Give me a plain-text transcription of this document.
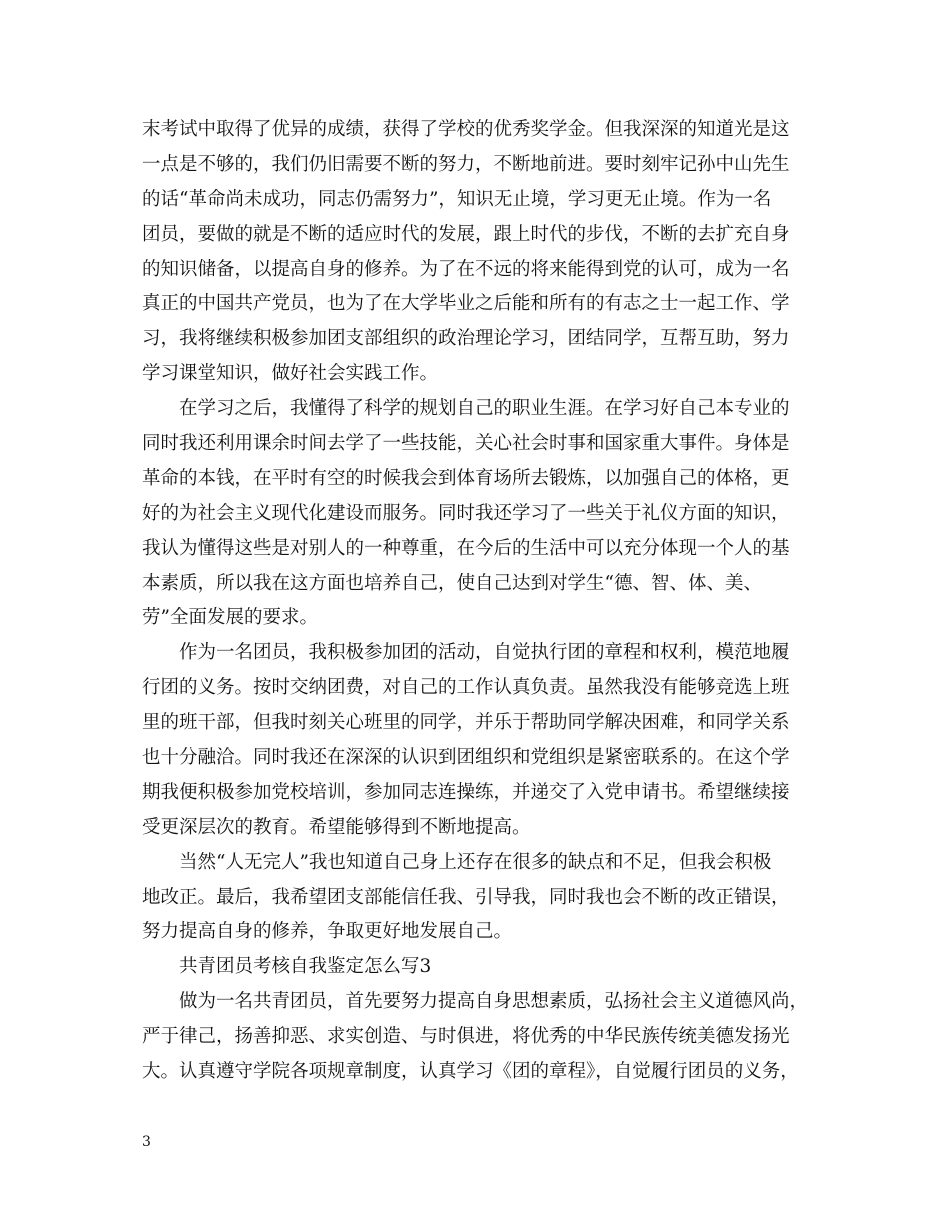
末考试中取得了优异的成绩，获得了学校的优秀奖学金。但我深深的知道光是这
一点是不够的，我们仍旧需要不断的努力，不断地前进。要时刻牢记孙中山先生
的话“革命尚未成功，同志仍需努力”，知识无止境，学习更无止境。作为一名
团员，要做的就是不断的适应时代的发展，跟上时代的步伐，不断的去扩充自身
的知识储备，以提高自身的修养。为了在不远的将来能得到党的认可，成为一名
真正的中国共产党员，也为了在大学毕业之后能和所有的有志之士一起工作、学
习，我将继续积极参加团支部组织的政治理论学习，团结同学，互帮互助，努力
学习课堂知识，做好社会实践工作。
在学习之后，我懂得了科学的规划自己的职业生涯。在学习好自己本专业的
同时我还利用课余时间去学了一些技能，关心社会时事和国家重大事件。身体是
革命的本钱，在平时有空的时候我会到体育场所去锻炼，以加强自己的体格，更
好的为社会主义现代化建设而服务。同时我还学习了一些关于礼仪方面的知识，
我认为懂得这些是对别人的一种尊重，在今后的生活中可以充分体现一个人的基
本素质，所以我在这方面也培养自己，使自己达到对学生“德、智、体、美、
劳”全面发展的要求。
作为一名团员，我积极参加团的活动，自觉执行团的章程和权利，模范地履
行团的义务。按时交纳团费，对自己的工作认真负责。虽然我没有能够竞选上班
里的班干部，但我时刻关心班里的同学，并乐于帮助同学解决困难，和同学关系
也十分融洽。同时我还在深深的认识到团组织和党组织是紧密联系的。在这个学
期我便积极参加党校培训，参加同志连操练，并递交了入党申请书。希望继续接
受更深层次的教育。希望能够得到不断地提高。
当然“人无完人”我也知道自己身上还存在很多的缺点和不足，但我会积极
地改正。最后，我希望团支部能信任我、引导我，同时我也会不断的改正错误，
努力提高自身的修养，争取更好地发展自己。
共青团员考核自我鉴定怎么写3
做为一名共青团员，首先要努力提高自身思想素质，弘扬社会主义道德风尚，
严于律己，扬善抑恶、求实创造、与时俱进，将优秀的中华民族传统美德发扬光
大。认真遵守学院各项规章制度，认真学习《团的章程》，自觉履行团员的义务，
3
